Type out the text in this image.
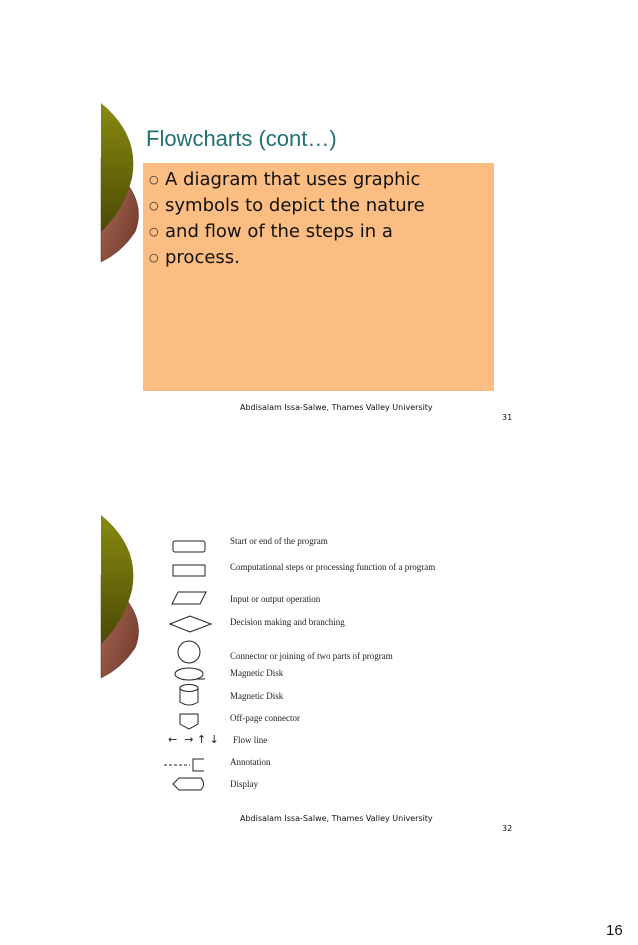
Flowcharts (cont…)
○ A diagram that uses graphic
○ symbols to depict the nature
○ and flow of the steps in a
○ process.
Abdisalam Issa-Salwe, Thames Valley University
31
←  → ↑ ↓
Start or end of the program
Computational steps or processing function of a program
Input or output operation
Decision making and branching
Connector or joining of two parts of program
Magnetic Disk
Magnetic Disk
Off-page connector
Flow line
Annotation
Display
Abdisalam Issa-Salwe, Thames Valley University
32
16
